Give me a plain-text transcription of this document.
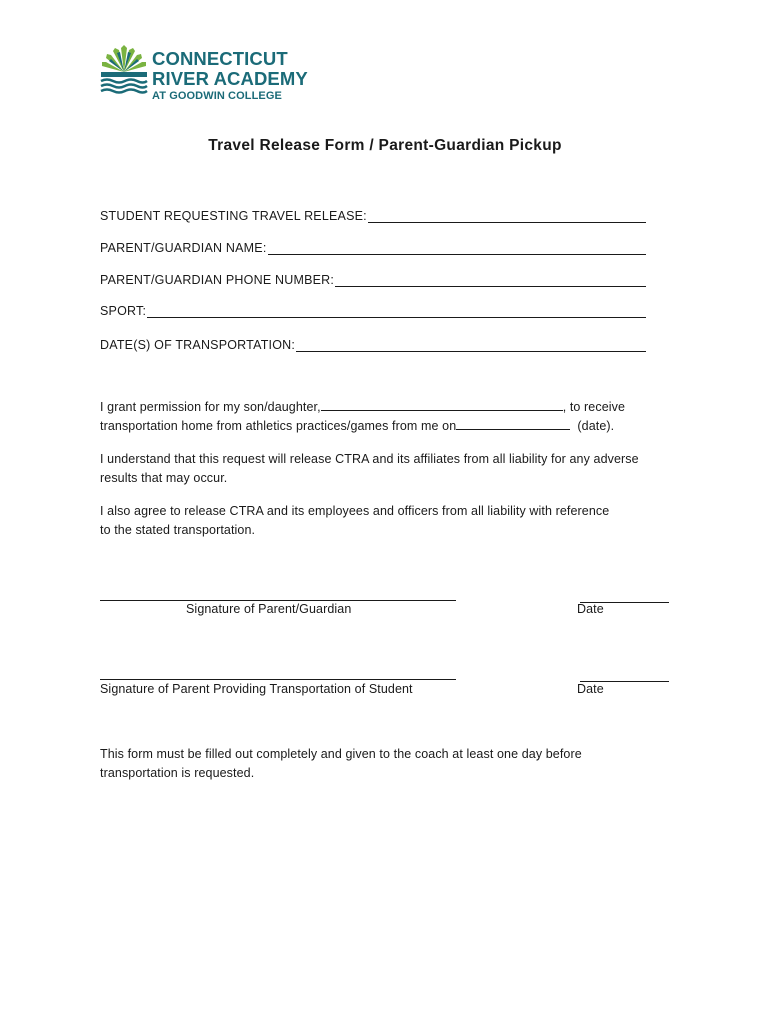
CONNECTICUT
RIVER ACADEMY
AT GOODWIN COLLEGE
Travel Release Form / Parent-Guardian Pickup
STUDENT REQUESTING TRAVEL RELEASE:
PARENT/GUARDIAN NAME:
PARENT/GUARDIAN PHONE NUMBER:
SPORT:
DATE(S) OF TRANSPORTATION:
I grant permission for my son/daughter,	, to receive
transportation home from athletics practices/games from me on	(date).
I understand that this request will release CTRA and its affiliates from all liability for any adverse results that may occur.
I also agree to release CTRA and its employees and officers from all liability with reference to the stated transportation.
Signature of Parent/Guardian	Date
Signature of Parent Providing Transportation of Student	Date
This form must be filled out completely and given to the coach at least one day before transportation is requested.
